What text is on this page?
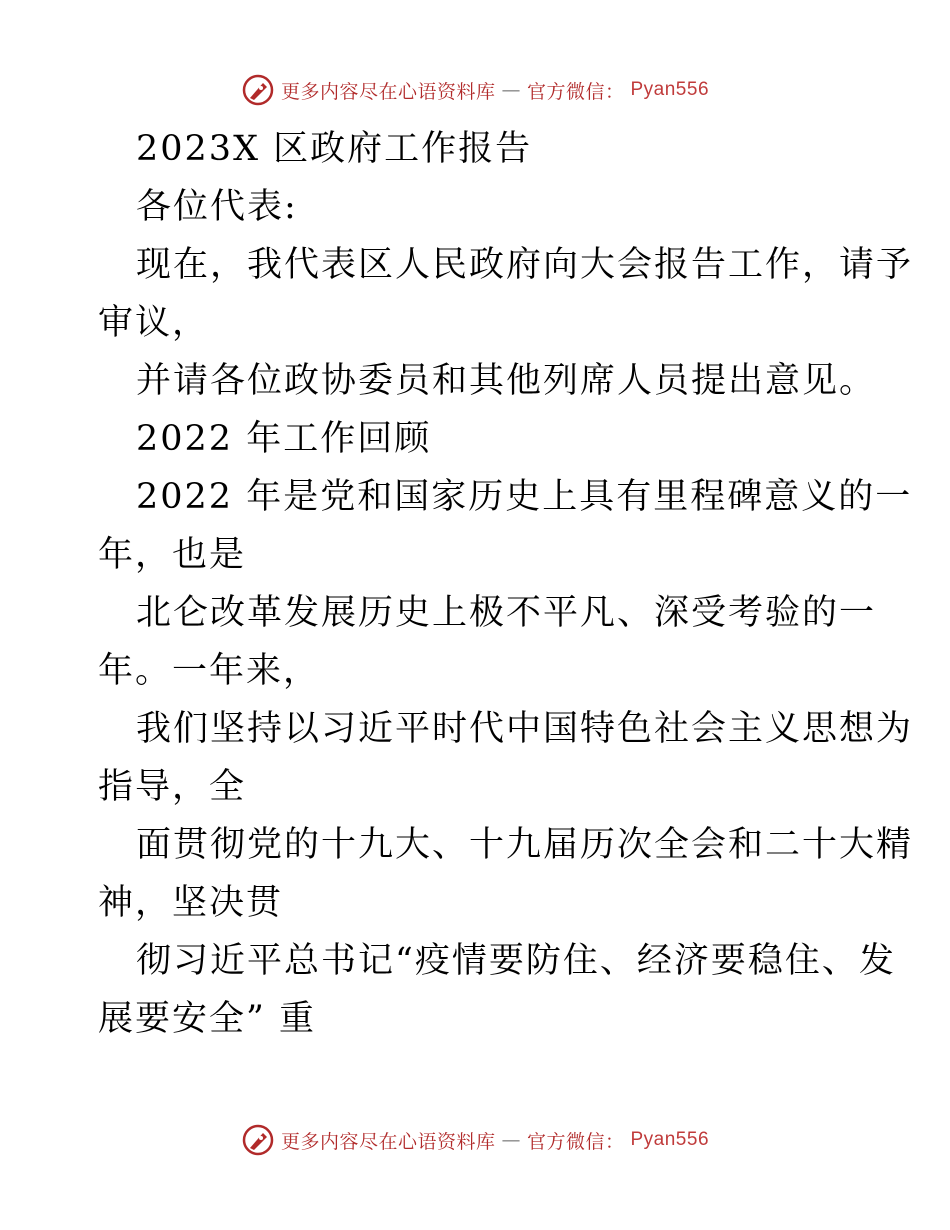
更多内容尽在心语资料库 — 官方微信： Pyan556
2023X 区政府工作报告
各位代表:
现在，我代表区人民政府向大会报告工作，请予
审议，
并请各位政协委员和其他列席人员提出意见。
2022 年工作回顾
2022 年是党和国家历史上具有里程碑意义的一
年，也是
北仑改革发展历史上极不平凡、深受考验的一
年。一年来，
我们坚持以习近平时代中国特色社会主义思想为
指导，全
面贯彻党的十九大、十九届历次全会和二十大精
神，坚决贯
彻习近平总书记“疫情要防住、经济要稳住、发
展要安全” 重
更多内容尽在心语资料库 — 官方微信： Pyan556
